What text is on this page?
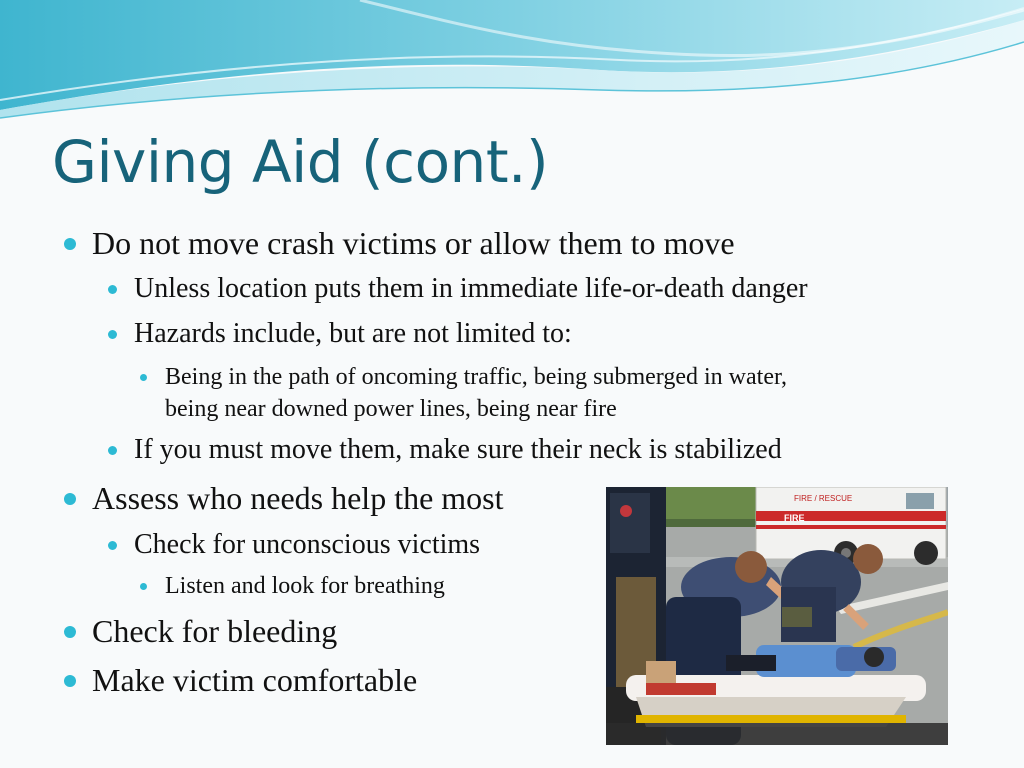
Giving Aid (cont.)
Do not move crash victims or allow them to move
Unless location puts them in immediate life-or-death danger
Hazards include, but are not limited to:
Being in the path of oncoming traffic, being submerged in water,
being near downed power lines, being near fire
If you must move them, make sure their neck is stabilized
Assess who needs help the most
Check for unconscious victims
Listen and look for breathing
Check for bleeding
Make victim comfortable
FIRE / RESCUE
FIRE
